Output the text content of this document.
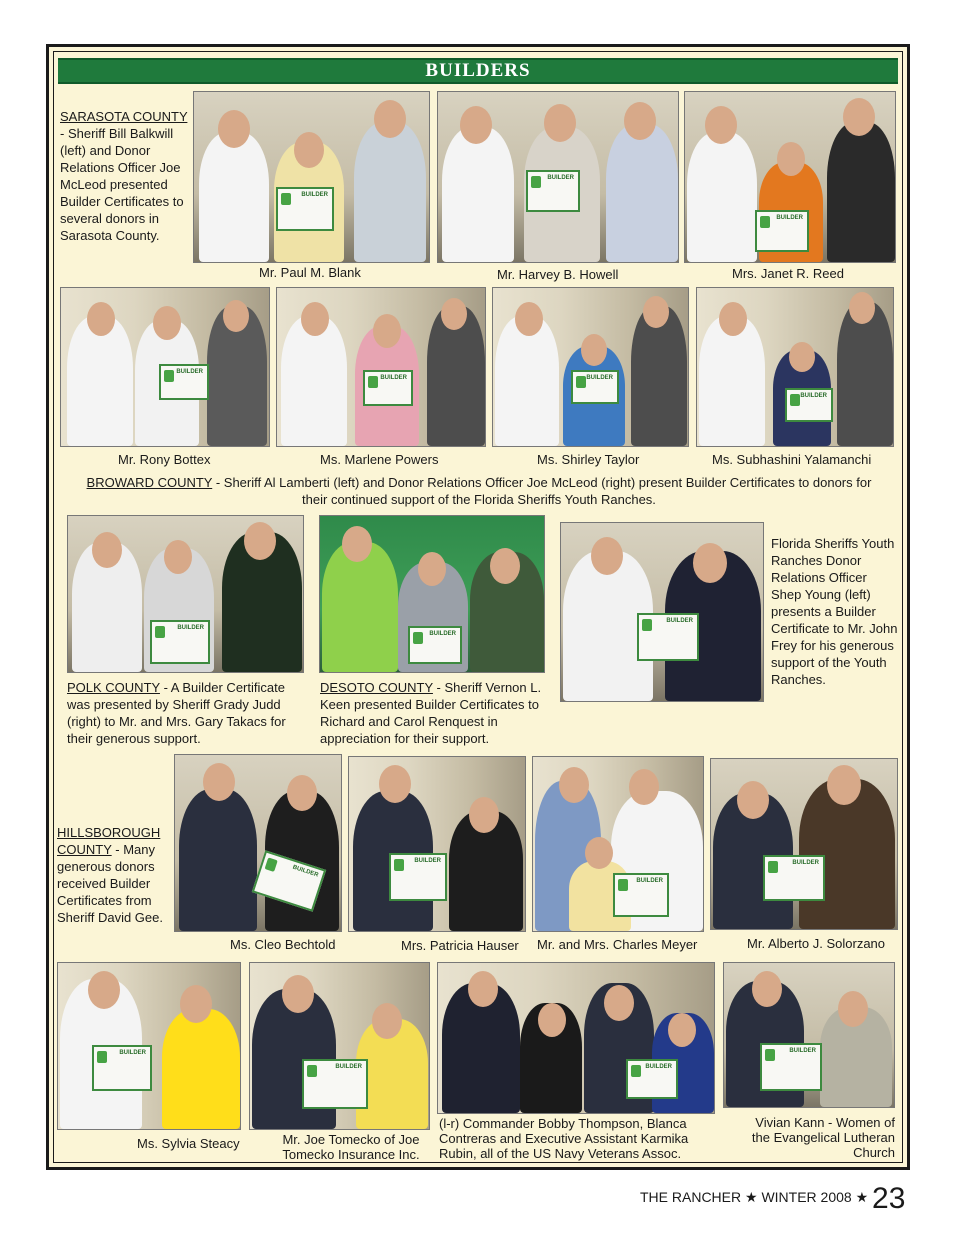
BUILDERS
SARASOTA COUNTY - Sheriff Bill Balkwill (left) and Donor Relations Officer Joe McLeod presented Builder Certificates to several donors in Sarasota County.
BUILDER
BUILDER
BUILDER
Mr. Paul M. Blank	Mr. Harvey B. Howell	Mrs. Janet R. Reed
BUILDER
BUILDER	BUILDER
BUILDER
Mr. Rony Bottex	Ms. Marlene Powers	Ms. Shirley Taylor	Ms. Subhashini Yalamanchi
BROWARD COUNTY - Sheriff Al Lamberti (left) and Donor Relations Officer Joe McLeod (right) present Builder Certificates to donors for their continued support of the Florida Sheriffs Youth Ranches.
BUILDER
BUILDER
BUILDER
Florida Sheriffs Youth Ranches Donor Relations Officer Shep Young (left) presents a Builder Certificate to Mr. John Frey for his generous support of the Youth Ranches.
POLK COUNTY - A Builder Certificate was presented by Sheriff Grady Judd (right) to Mr. and Mrs. Gary Takacs for their generous support.
DESOTO COUNTY - Sheriff Vernon L. Keen presented Builder Certificates to Richard and Carol Renquest in appreciation for their support.
HILLSBOROUGH COUNTY - Many generous donors received Builder Certificates from Sheriff David Gee.
BUILDER
BUILDER
BUILDER
BUILDER
Ms. Cleo Bechtold	Mrs. Patricia Hauser Mr. and Mrs. Charles Meyer	Mr. Alberto J. Solorzano
BUILDER
BUILDER	BUILDER
BUILDER
Ms. Sylvia Steacy	Mr. Joe Tomecko of Joe Tomecko Insurance Inc.
(l-r) Commander Bobby Thompson, Blanca Contreras and Executive Assistant Karmika Rubin, all of the US Navy Veterans Assoc.
Vivian Kann - Women of the Evangelical Lutheran Church
THE RANCHER ★ WINTER 2008 ★ 23
